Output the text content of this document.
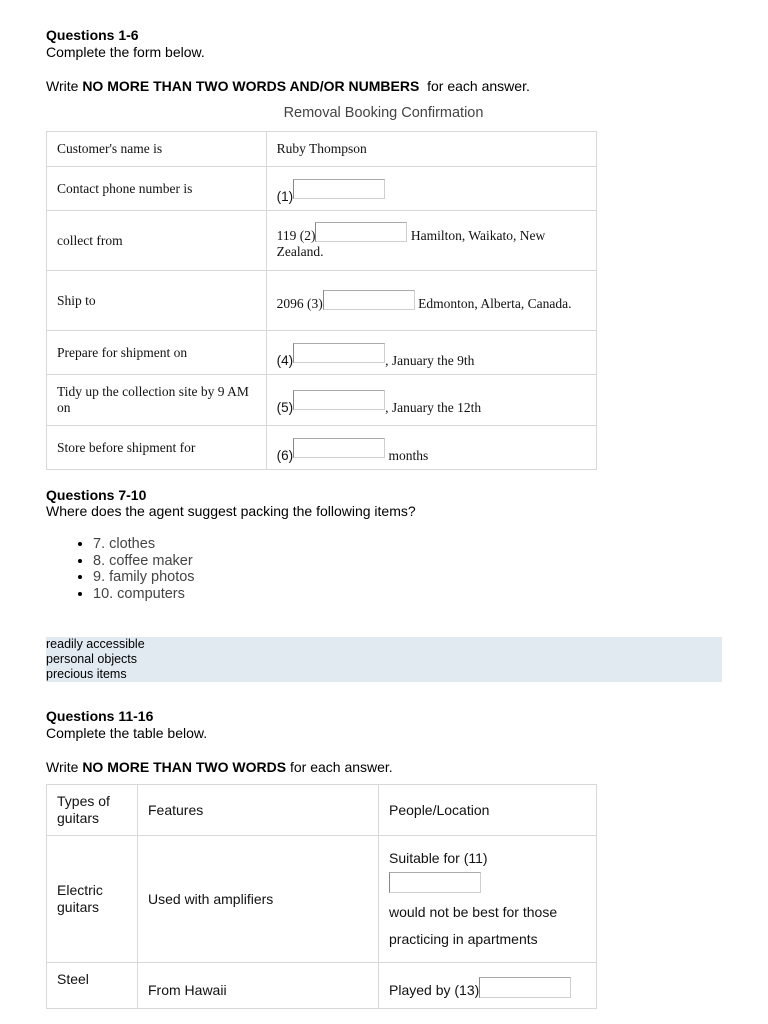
Questions 1-6
Complete the form below.
Write NO MORE THAN TWO WORDS AND/OR NUMBERS  for each answer.
Removal Booking Confirmation
Customer's name is	Ruby Thompson
Contact phone number is	(1)
collect from	119 (2) Hamilton, Waikato, New Zealand.
Ship to	2096 (3) Edmonton, Alberta, Canada.
Prepare for shipment on	(4) , January the 9th
Tidy up the collection site by 9 AM on	(5) , January the 12th
Store before shipment for	(6) months
Questions 7-10
Where does the agent suggest packing the following items?
• 7. clothes
• 8. coffee maker
• 9. family photos
• 10. computers
readily accessible
personal objects
precious items
Questions 11-16
Complete the table below.
Write NO MORE THAN TWO WORDS for each answer.
Types of guitars	Features	People/Location
Electric guitars	Used with amplifiers	Suitable for (11)
would not be best for those practicing in apartments

Steel	From Hawaii	Played by (13)
